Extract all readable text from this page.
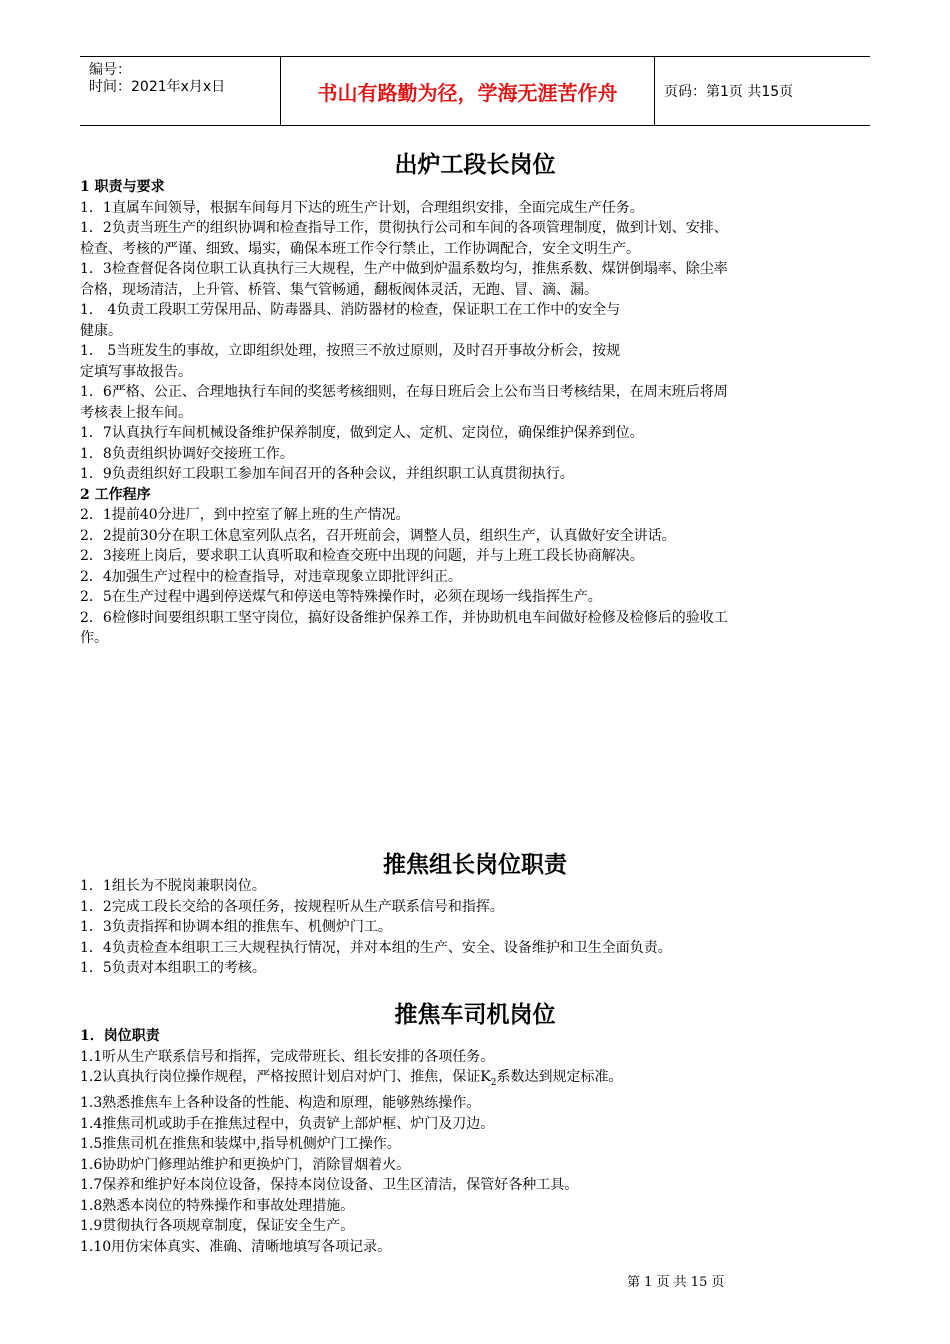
编号：
时间：2021年x月x日	书山有路勤为径，学海无涯苦作舟	页码：第1页 共15页
出炉工段长岗位

1 职责与要求

1．1直属车间领导，根据车间每月下达的班生产计划，合理组织安排，全面完成生产任务。

1．2负责当班生产的组织协调和检查指导工作，贯彻执行公司和车间的各项管理制度，做到计划、安排、

检查、考核的严谨、细致、塌实，确保本班工作令行禁止，工作协调配合，安全文明生产。

1．3检查督促各岗位职工认真执行三大规程，生产中做到炉温系数均匀，推焦系数、煤饼倒塌率、除尘率

合格，现场清洁，上升管、桥管、集气管畅通，翻板阀体灵活，无跑、冒、滴、漏。

1． 4负责工段职工劳保用品、防毒器具、消防器材的检查，保证职工在工作中的安全与

健康。

1． 5当班发生的事故，立即组织处理，按照三不放过原则，及时召开事故分析会，按规

定填写事故报告。

1．6严格、公正、合理地执行车间的奖惩考核细则，在每日班后会上公布当日考核结果，在周末班后将周

考核表上报车间。

1．7认真执行车间机械设备维护保养制度，做到定人、定机、定岗位，确保维护保养到位。

1．8负责组织协调好交接班工作。

1．9负责组织好工段职工参加车间召开的各种会议，并组织职工认真贯彻执行。

2 工作程序

2．1提前40分进厂，到中控室了解上班的生产情况。

2．2提前30分在职工休息室列队点名，召开班前会，调整人员，组织生产，认真做好安全讲话。

2．3接班上岗后，要求职工认真听取和检查交班中出现的问题，并与上班工段长协商解决。

2．4加强生产过程中的检查指导，对违章现象立即批评纠正。

2．5在生产过程中遇到停送煤气和停送电等特殊操作时，必须在现场一线指挥生产。

2．6检修时间要组织职工坚守岗位，搞好设备维护保养工作，并协助机电车间做好检修及检修后的验收工

作。

推焦组长岗位职责

1．1组长为不脱岗兼职岗位。

1．2完成工段长交给的各项任务，按规程听从生产联系信号和指挥。

1．3负责指挥和协调本组的推焦车、机侧炉门工。

1．4负责检查本组职工三大规程执行情况，并对本组的生产、安全、设备维护和卫生全面负责。

1．5负责对本组职工的考核。

推焦车司机岗位

1．岗位职责

1.1听从生产联系信号和指挥，完成带班长、组长安排的各项任务。

1.2认真执行岗位操作规程，严格按照计划启对炉门、推焦，保证$K_2$系数达到规定标准。

1.3熟悉推焦车上各种设备的性能、构造和原理，能够熟练操作。

1.4推焦司机或助手在推焦过程中，负责铲上部炉框、炉门及刀边。

1.5推焦司机在推焦和装煤中,指导机侧炉门工操作。

1.6协助炉门修理站维护和更换炉门，消除冒烟着火。

1.7保养和维护好本岗位设备，保持本岗位设备、卫生区清洁，保管好各种工具。

1.8熟悉本岗位的特殊操作和事故处理措施。

1.9贯彻执行各项规章制度，保证安全生产。

1.10用仿宋体真实、准确、清晰地填写各项记录。

第 1 页 共 15 页
